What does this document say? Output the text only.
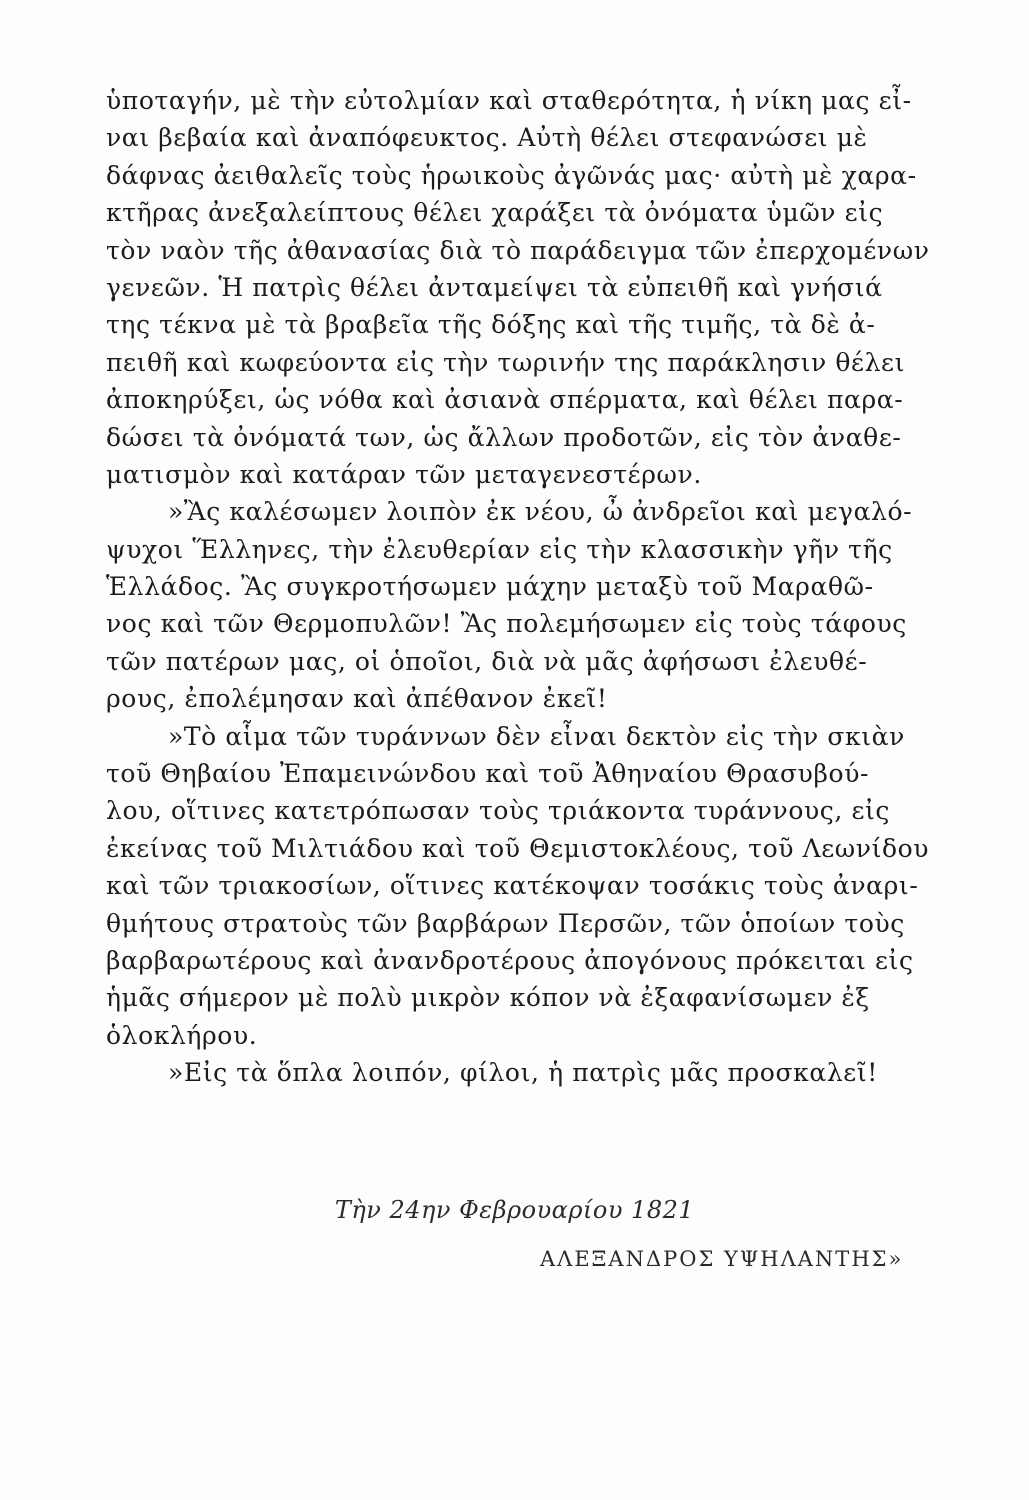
ὑποταγήν, μὲ τὴν εὐτολμίαν καὶ σταθερότητα, ἡ νίκη μας εἶ-
ναι βεβαία καὶ ἀναπόφευκτος. Αὐτὴ θέλει στεφανώσει μὲ
δάφνας ἀειθαλεῖς τοὺς ἡρωικοὺς ἀγῶνάς μας· αὐτὴ μὲ χαρα-
κτῆρας ἀνεξαλείπτους θέλει χαράξει τὰ ὀνόματα ὑμῶν εἰς
τὸν ναὸν τῆς ἀθανασίας διὰ τὸ παράδειγμα τῶν ἐπερχομένων
γενεῶν. Ἡ πατρὶς θέλει ἀνταμείψει τὰ εὐπειθῆ καὶ γνήσιά
της τέκνα μὲ τὰ βραβεῖα τῆς δόξης καὶ τῆς τιμῆς, τὰ δὲ ἀ-
πειθῆ καὶ κωφεύοντα εἰς τὴν τωρινήν της παράκλησιν θέλει
ἀποκηρύξει, ὡς νόθα καὶ ἀσιανὰ σπέρματα, καὶ θέλει παρα-
δώσει τὰ ὀνόματά των, ὡς ἄλλων προδοτῶν, εἰς τὸν ἀναθε-
ματισμὸν καὶ κατάραν τῶν μεταγενεστέρων.
»Ἂς καλέσωμεν λοιπὸν ἐκ νέου, ὦ ἀνδρεῖοι καὶ μεγαλό-
ψυχοι Ἕλληνες, τὴν ἐλευθερίαν εἰς τὴν κλασσικὴν γῆν τῆς
Ἑλλάδος. Ἂς συγκροτήσωμεν μάχην μεταξὺ τοῦ Μαραθῶ-
νος καὶ τῶν Θερμοπυλῶν! Ἂς πολεμήσωμεν εἰς τοὺς τάφους
τῶν πατέρων μας, οἱ ὁποῖοι, διὰ νὰ μᾶς ἀφήσωσι ἐλευθέ-
ρους, ἐπολέμησαν καὶ ἀπέθανον ἐκεῖ!
»Τὸ αἷμα τῶν τυράννων δὲν εἶναι δεκτὸν εἰς τὴν σκιὰν
τοῦ Θηβαίου Ἐπαμεινώνδου καὶ τοῦ Ἀθηναίου Θρασυβού-
λου, οἵτινες κατετρόπωσαν τοὺς τριάκοντα τυράννους, εἰς
ἐκείνας τοῦ Μιλτιάδου καὶ τοῦ Θεμιστοκλέους, τοῦ Λεωνίδου
καὶ τῶν τριακοσίων, οἵτινες κατέκοψαν τοσάκις τοὺς ἀναρι-
θμήτους στρατοὺς τῶν βαρβάρων Περσῶν, τῶν ὁποίων τοὺς
βαρβαρωτέρους καὶ ἀνανδροτέρους ἀπογόνους πρόκειται εἰς
ἡμᾶς σήμερον μὲ πολὺ μικρὸν κόπον νὰ ἐξαφανίσωμεν ἐξ
ὁλοκλήρου.
»Εἰς τὰ ὅπλα λοιπόν, φίλοι, ἡ πατρὶς μᾶς προσκαλεῖ!
Τὴν 24ην Φεβρουαρίου 1821
ΑΛΕΞΑΝΔΡΟΣ ΥΨΗΛΑΝΤΗΣ»
